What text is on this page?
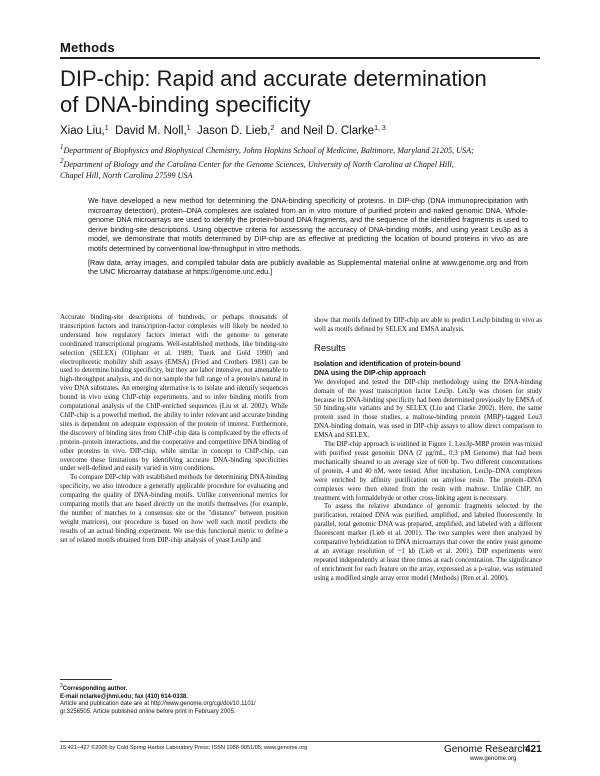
Methods
DIP-chip: Rapid and accurate determination
of DNA-binding specificity
Xiao Liu,$^1$ David M. Noll,$^1$ Jason D. Lieb,$^2$ and Neil D. Clarke$^{1, 3}$
$^1$Department of Biophysics and Biophysical Chemistry, Johns Hopkins School of Medicine, Baltimore, Maryland 21205, USA;
$^2$Department of Biology and the Carolina Center for the Genome Sciences, University of North Carolina at Chapel Hill,
Chapel Hill, North Carolina 27599 USA

We have developed a new method for determining the DNA-binding specificity of proteins. In DIP-chip (DNA immunoprecipitation with microarray detection), protein–DNA complexes are isolated from an in vitro mixture of purified protein and naked genomic DNA. Whole-genome DNA microarrays are used to identify the protein-bound DNA fragments, and the sequence of the identified fragments is used to derive binding-site descriptions. Using objective criteria for assessing the accuracy of DNA-binding motifs, and using yeast Leu3p as a model, we demonstrate that motifs determined by DIP-chip are as effective at predicting the location of bound proteins in vivo as are motifs determined by conventional low-throughput in vitro methods.

[Raw data, array images, and compiled tabular data are publicly available as Supplemental material online at www.genome.org and from the UNC Microarray database at https://genome.unc.edu.]

Accurate binding-site descriptions of hundreds, or perhaps thousands of transcription factors and transcription-factor complexes will likely be needed to understand how regulatory factors interact with the genome to generate coordinated transcriptional programs. Well-established methods, like binding-site selection (SELEX) (Oliphant et al. 1989; Tuerk and Gold 1990) and electrophoretic mobility shift assays (EMSA) (Fried and Crothers 1981) can be used to determine binding specificity, but they are labor intensive, not amenable to high-throughput analysis, and do not sample the full range of a protein's natural in vivo DNA substrates. An emerging alternative is to isolate and identify sequences bound in vivo using ChIP-chip experiments, and to infer binding motifs from computational analysis of the ChIP-enriched sequences (Liu et al. 2002). While ChIP-chip is a powerful method, the ability to infer relevant and accurate binding sites is dependent on adequate expression of the protein of interest. Furthermore, the discovery of binding sites from ChIP-chip data is complicated by the effects of protein–protein interactions, and the cooperative and competitive DNA binding of other proteins in vivo. DIP-chip, while similar in concept to ChIP-chip, can overcome these limitations by identifying accurate DNA-binding specificities under well-defined and easily varied in vitro conditions.

To compare DIP-chip with established methods for determining DNA-binding specificity, we also introduce a generally applicable procedure for evaluating and comparing the quality of DNA-binding motifs. Unlike conventional metrics for comparing motifs that are based directly on the motifs themselves (for example, the number of matches to a consensus site or the "distance" between position weight matrices), our procedure is based on how well each motif predicts the results of an actual binding experiment. We use this functional metric to define a set of related motifs obtained from DIP-chip analysis of yeast Leu3p and

show that motifs defined by DIP-chip are able to predict Leu3p binding in vivo as well as motifs defined by SELEX and EMSA analysis.

Results
Isolation and identification of protein-bound
DNA using the DIP-chip approach

We developed and tested the DIP-chip methodology using the DNA-binding domain of the yeast transcription factor Leu3p. Leu3p was chosen for study because its DNA-binding specificity had been determined previously by EMSA of 50 binding-site variants and by SELEX (Liu and Clarke 2002). Here, the same protein used in those studies, a maltose-binding protein (MBP)-tagged Leu3 DNA-binding domain, was used in DIP-chip assays to allow direct comparison to EMSA and SELEX.

The DIP-chip approach is outlined in Figure 1. Leu3p-MBP protein was mixed with purified yeast genomic DNA (2 µg/mL, 0.3 pM Genome) that had been mechanically sheared to an average size of 600 bp. Two different concentrations of protein, 4 and 40 nM, were tested. After incubation, Leu3p–DNA complexes were enriched by affinity purification on amylose resin. The protein–DNA complexes were then eluted from the resin with maltose. Unlike ChIP, no treatment with formaldehyde or other cross-linking agent is necessary.

To assess the relative abundance of genomic fragments selected by the purification, retained DNA was purified, amplified, and labeled fluorescently. In parallel, total genomic DNA was prepared, amplified, and labeled with a different fluorescent marker (Lieb et al. 2001). The two samples were then analyzed by comparative hybridization to DNA microarrays that cover the entire yeast genome at an average resolution of ~1 kb (Lieb et al. 2001). DIP experiments were repeated independently at least three times at each concentration. The significance of enrichment for each feature on the array, expressed as a p-value, was estimated using a modified single array error model (Methods) (Ren et al. 2000).

$^3$Corresponding author.
E-mail nclarke@jhmi.edu; fax (410) 614-0338.
Article and publication date are at http://www.genome.org/cgi/doi/10.1101/
gr.3256505. Article published online before print in February 2005.
15:421–427 ©2005 by Cold Spring Harbor Laboratory Press; ISSN 1088-9051/05; www.genome.org	Genome Research
421
www.genome.org
